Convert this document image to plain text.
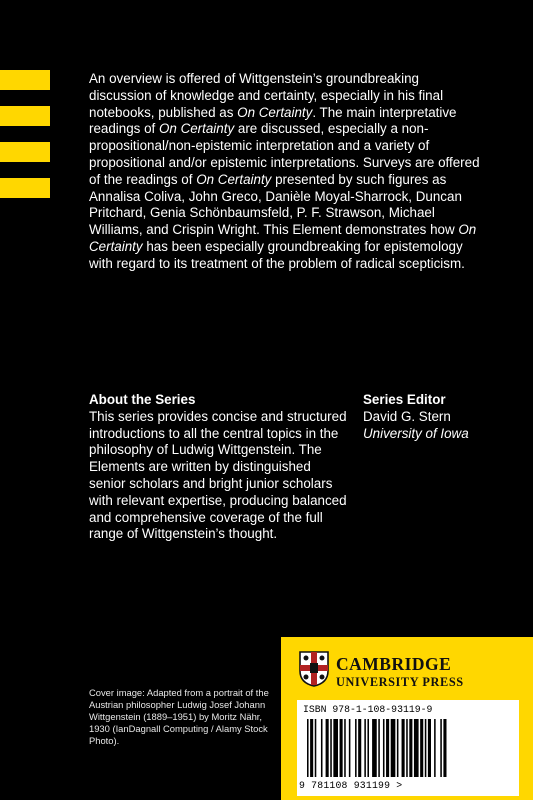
An overview is offered of Wittgenstein’s groundbreaking discussion of knowledge and certainty, especially in his final notebooks, published as On Certainty. The main interpretative readings of On Certainty are discussed, especially a non-propositional/non-epistemic interpretation and a variety of propositional and/or epistemic interpretations. Surveys are offered of the readings of On Certainty presented by such figures as Annalisa Coliva, John Greco, Danièle Moyal-Sharrock, Duncan Pritchard, Genia Schönbaumsfeld, P. F. Strawson, Michael Williams, and Crispin Wright. This Element demonstrates how On Certainty has been especially groundbreaking for epistemology with regard to its treatment of the problem of radical scepticism.
About the Series
This series provides concise and structured introductions to all the central topics in the philosophy of Ludwig Wittgenstein. The Elements are written by distinguished senior scholars and bright junior scholars with relevant expertise, producing balanced and comprehensive coverage of the full range of Wittgenstein’s thought.
Series Editor
David G. Stern
University of Iowa
Cover image: Adapted from a portrait of the Austrian philosopher Ludwig Josef Johann Wittgenstein (1889–1951) by Moritz Nähr, 1930 (IanDagnall Computing / Alamy Stock Photo).
CAMBRIDGE
UNIVERSITY PRESS
ISBN 978-1-108-93119-9
9 781108 931199 >
